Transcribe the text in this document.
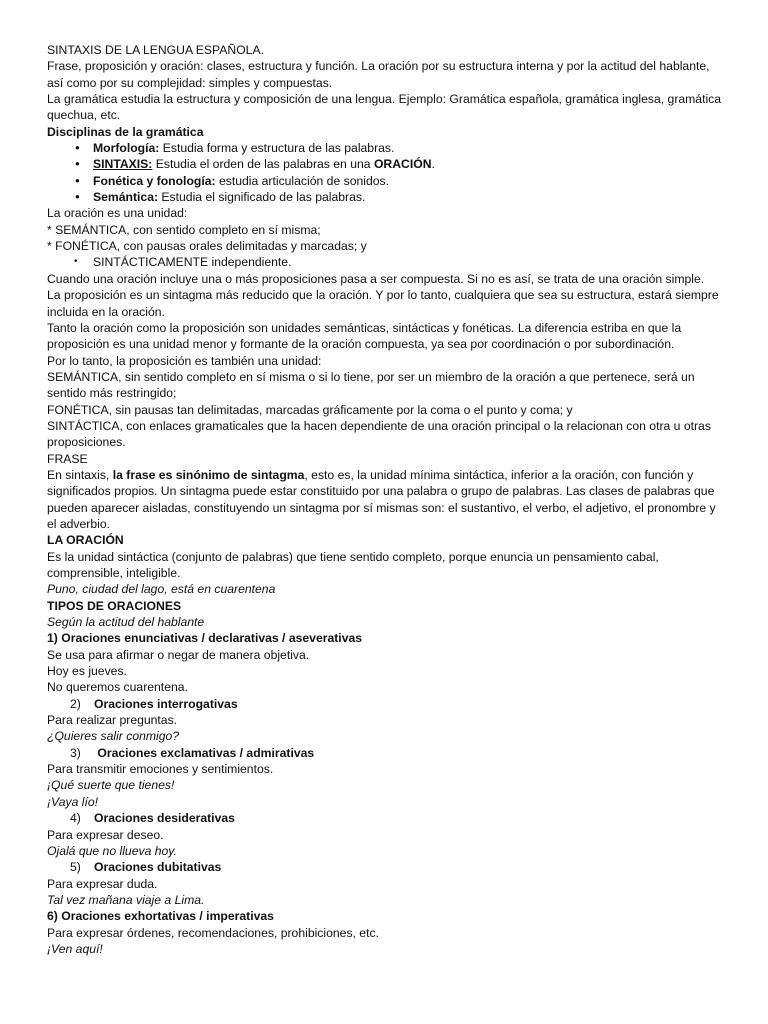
SINTAXIS DE LA LENGUA ESPAÑOLA.

Frase, proposición y oración: clases, estructura y función. La oración por su estructura interna y por la actitud del hablante, así como por su complejidad: simples y compuestas.

La gramática estudia la estructura y composición de una lengua. Ejemplo: Gramática española, gramática inglesa, gramática quechua, etc.

Disciplinas de la gramática

● Morfología: Estudia forma y estructura de las palabras.
● SINTAXIS: Estudia el orden de las palabras en una ORACIÓN.
● Fonética y fonología: estudia articulación de sonidos.
● Semántica: Estudia el significado de las palabras.

La oración es una unidad:

* SEMÁNTICA, con sentido completo en sí misma;

* FONÉTICA, con pausas orales delimitadas y marcadas; y

• SINTÁCTICAMENTE independiente.

Cuando una oración incluye una o más proposiciones pasa a ser compuesta. Si no es así, se trata de una oración simple.

La proposición es un sintagma más reducido que la oración. Y por lo tanto, cualquiera que sea su estructura, estará siempre incluida en la oración.

Tanto la oración como la proposición son unidades semánticas, sintácticas y fonéticas. La diferencia estriba en que la proposición es una unidad menor y formante de la oración compuesta, ya sea por coordinación o por subordinación.

Por lo tanto, la proposición es también una unidad:

SEMÁNTICA, sin sentido completo en sí misma o si lo tiene, por ser un miembro de la oración a que pertenece, será un sentido más restringido;

FONÉTICA, sin pausas tan delimitadas, marcadas gráficamente por la coma o el punto y coma; y

SINTÁCTICA, con enlaces gramaticales que la hacen dependiente de una oración principal o la relacionan con otra u otras proposiciones.

FRASE

En sintaxis, la frase es sinónimo de sintagma, esto es, la unidad mínima sintáctica, inferior a la oración, con función y significados propios. Un sintagma puede estar constituido por una palabra o grupo de palabras. Las clases de palabras que pueden aparecer aisladas, constituyendo un sintagma por sí mismas son: el sustantivo, el verbo, el adjetivo, el pronombre y el adverbio.

LA ORACIÓN

Es la unidad sintáctica (conjunto de palabras) que tiene sentido completo, porque enuncia un pensamiento cabal, comprensible, inteligible.

Puno, ciudad del lago, está en cuarentena

TIPOS DE ORACIONES

Según la actitud del hablante

1) Oraciones enunciativas / declarativas / aseverativas

Se usa para afirmar o negar de manera objetiva.

Hoy es jueves.

No queremos cuarentena.

2) Oraciones interrogativas

Para realizar preguntas.

¿Quieres salir conmigo?

3) Oraciones exclamativas / admirativas

Para transmitir emociones y sentimientos.

¡Qué suerte que tienes!

¡Vaya lío!

4) Oraciones desiderativas

Para expresar deseo.

Ojalá que no llueva hoy.

5) Oraciones dubitativas

Para expresar duda.

Tal vez mañana viaje a Lima.

6) Oraciones exhortativas / imperativas

Para expresar órdenes, recomendaciones, prohibiciones, etc.

¡Ven aquí!
